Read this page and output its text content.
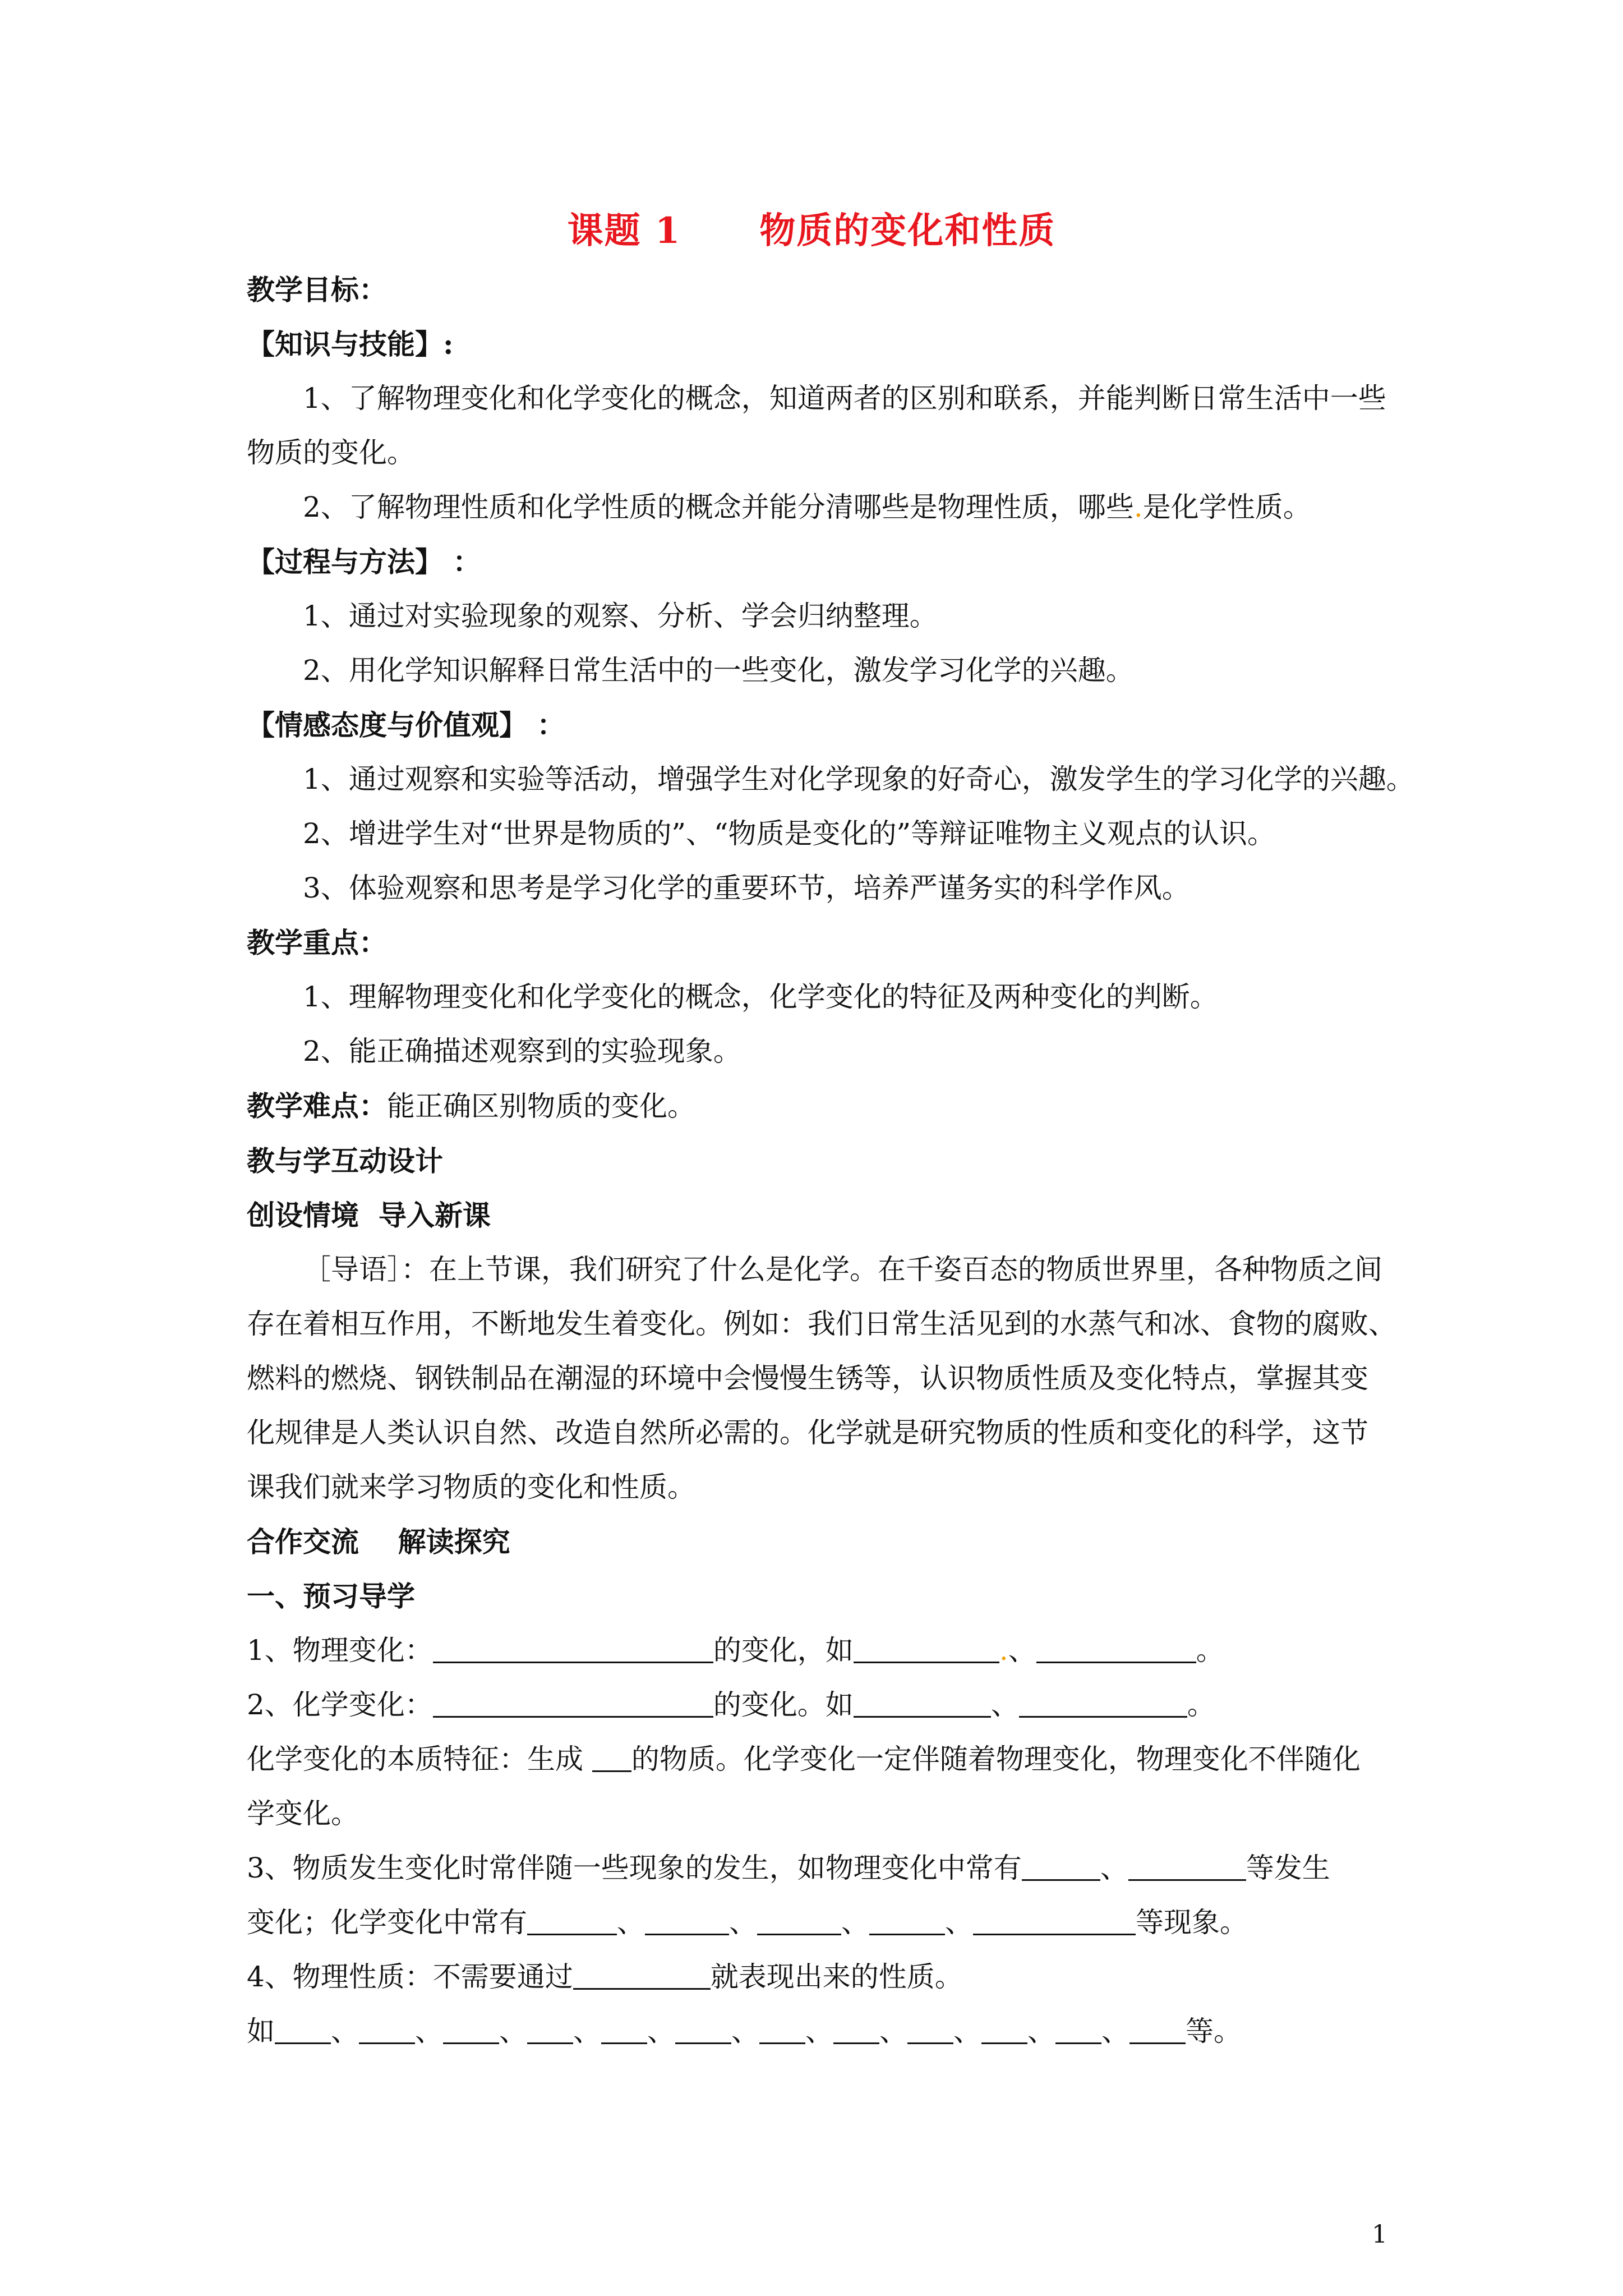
课题 1 物质的变化和性质
教学目标：
【知识与技能】:
1、了解物理变化和化学变化的概念，知道两者的区别和联系，并能判断日常生活中一些
物质的变化。
2、了解物理性质和化学性质的概念并能分清哪些是物理性质，哪些.是化学性质。
【过程与方法】 ：
1、通过对实验现象的观察、分析、学会归纳整理。
2、用化学知识解释日常生活中的一些变化，激发学习化学的兴趣。
【情感态度与价值观】 ：
1、通过观察和实验等活动，增强学生对化学现象的好奇心，激发学生的学习化学的兴趣。
2、增进学生对“世界是物质的”、“物质是变化的”等辩证唯物主义观点的认识。
3、体验观察和思考是学习化学的重要环节，培养严谨务实的科学作风。
教学重点：
1、理解物理变化和化学变化的概念，化学变化的特征及两种变化的判断。
2、能正确描述观察到的实验现象。
教学难点：能正确区别物质的变化。
教与学互动设计
创设情境  导入新课
［导语］：在上节课，我们研究了什么是化学。在千姿百态的物质世界里，各种物质之间
存在着相互作用，不断地发生着变化。例如：我们日常生活见到的水蒸气和冰、食物的腐败、
燃料的燃烧、钢铁制品在潮湿的环境中会慢慢生锈等，认识物质性质及变化特点，掌握其变
化规律是人类认识自然、改造自然所必需的。化学就是研究物质的性质和变化的科学，这节
课我们就来学习物质的变化和性质。
合作交流    解读探究
一、预习导学
1、物理变化：	的变化，如	.、	。
2、化学变化：	的变化。如	、	。
化学变化的本质特征：生成 的物质。化学变化一定伴随着物理变化，物理变化不伴随化
学变化。
3、物质发生变化时常伴随一些现象的发生，如物理变化中常有	、	等发生
变化；化学变化中常有	、	、	、	、	等现象。
4、物理性质：不需要通过	就表现出来的性质。
如 、 、 、 、 、 、 、 、 、 、 、 等。
1
